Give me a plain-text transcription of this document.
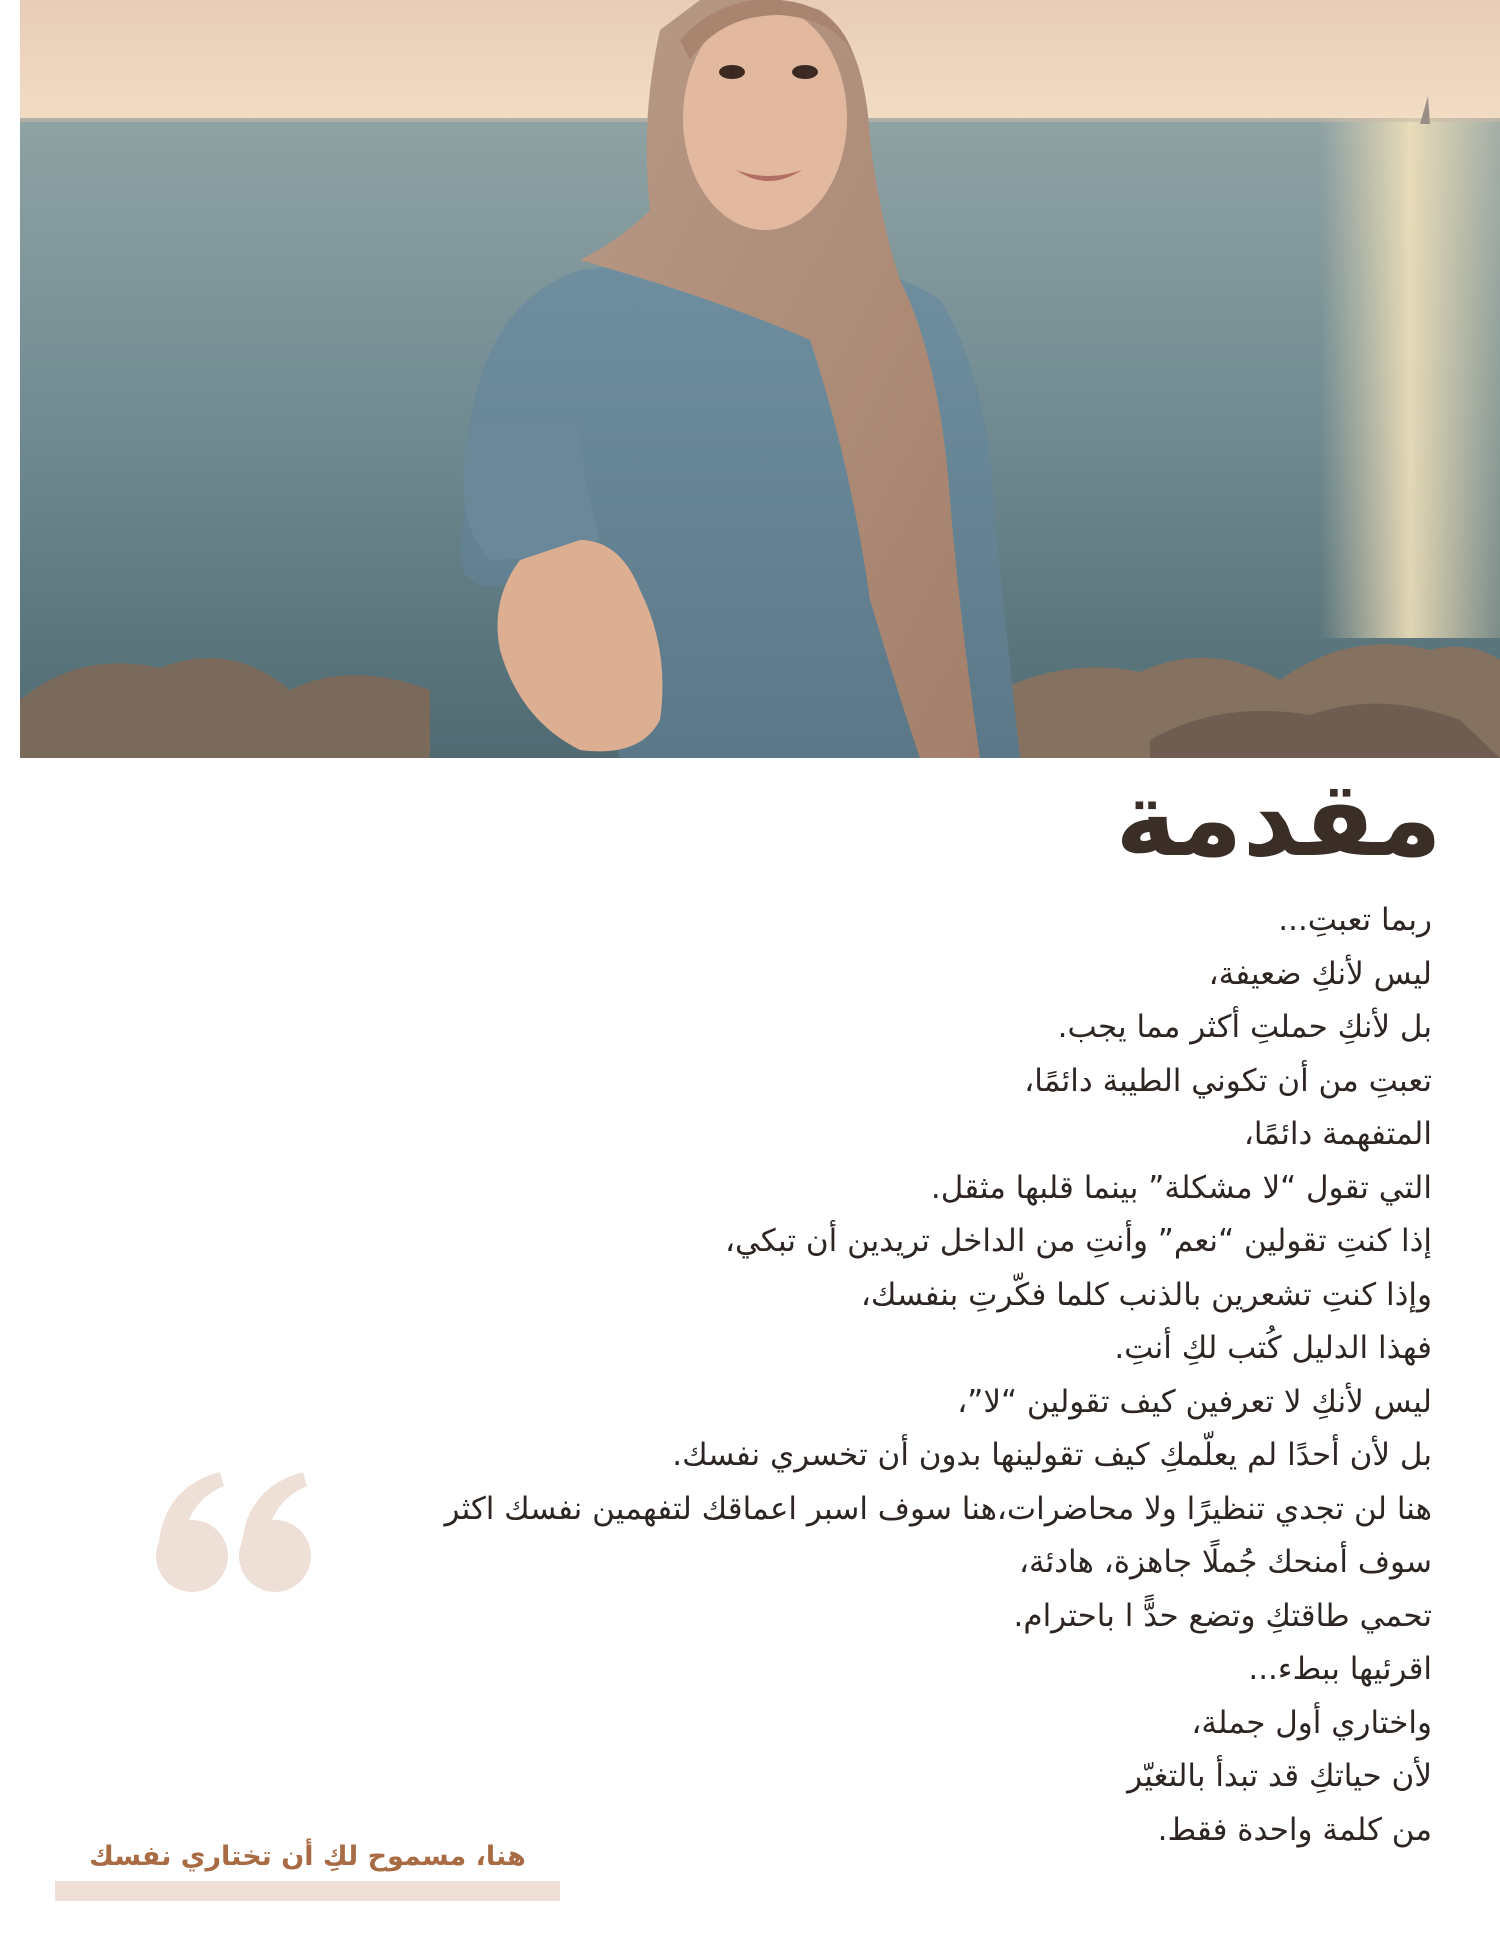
مقدمة
ربما تعبتِ...
ليس لأنكِ ضعيفة،
بل لأنكِ حملتِ أكثر مما يجب.
تعبتِ من أن تكوني الطيبة دائمًا،
المتفهمة دائمًا،
التي تقول “لا مشكلة” بينما قلبها مثقل.
إذا كنتِ تقولين “نعم” وأنتِ من الداخل تريدين أن تبكي،
وإذا كنتِ تشعرين بالذنب كلما فكّرتِ بنفسك،
فهذا الدليل كُتب لكِ أنتِ.
ليس لأنكِ لا تعرفين كيف تقولين “لا”،
بل لأن أحدًا لم يعلّمكِ كيف تقولينها بدون أن تخسري نفسك.
هنا لن تجدي تنظيرًا ولا محاضرات،هنا سوف اسبر اعماقك لتفهمين نفسك اكثر
سوف أمنحك جُملًا جاهزة، هادئة،
تحمي طاقتكِ وتضع حدًّ ا باحترام.
اقرئيها ببطء...
واختاري أول جملة،
لأن حياتكِ قد تبدأ بالتغيّر
من كلمة واحدة فقط.
هنا، مسموح لكِ أن تختاري نفسك
